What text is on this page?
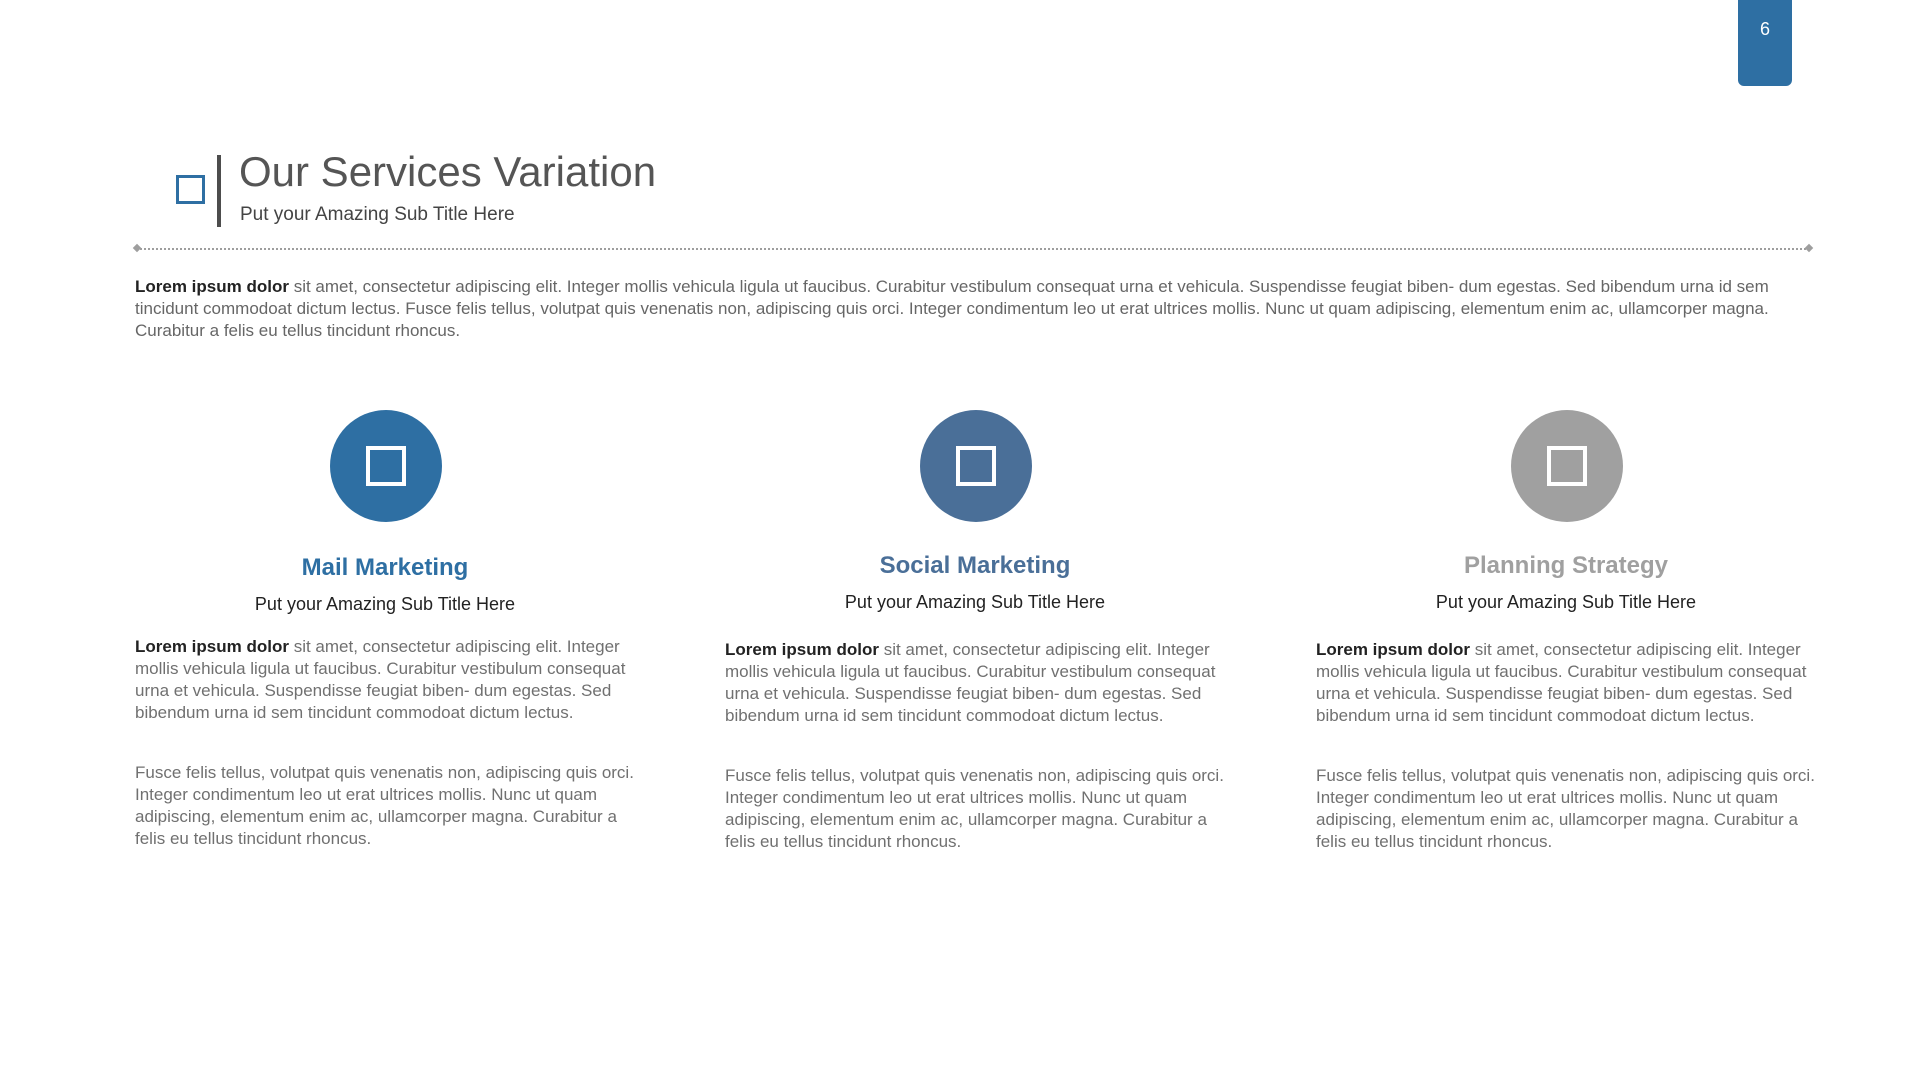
6
Our Services Variation
Put your Amazing Sub Title Here

Lorem ipsum dolor sit amet, consectetur adipiscing elit. Integer mollis vehicula ligula ut faucibus. Curabitur vestibulum consequat urna et vehicula. Suspendisse feugiat biben- dum egestas. Sed bibendum urna id sem tincidunt commodoat dictum lectus. Fusce felis tellus, volutpat quis venenatis non, adipiscing quis orci. Integer condimentum leo ut erat ultrices mollis. Nunc ut quam adipiscing, elementum enim ac, ullamcorper magna. Curabitur a felis eu tellus tincidunt rhoncus.

Mail Marketing
Put your Amazing Sub Title Here

Lorem ipsum dolor sit amet, consectetur adipiscing elit. Integer mollis vehicula ligula ut faucibus. Curabitur vestibulum consequat urna et vehicula. Suspendisse feugiat biben- dum egestas. Sed bibendum urna id sem tincidunt commodoat dictum lectus.

Fusce felis tellus, volutpat quis venenatis non, adipiscing quis orci. Integer condimentum leo ut erat ultrices mollis. Nunc ut quam adipiscing, elementum enim ac, ullamcorper magna. Curabitur a felis eu tellus tincidunt rhoncus.

Social Marketing
Put your Amazing Sub Title Here

Lorem ipsum dolor sit amet, consectetur adipiscing elit. Integer mollis vehicula ligula ut faucibus. Curabitur vestibulum consequat urna et vehicula. Suspendisse feugiat biben- dum egestas. Sed bibendum urna id sem tincidunt commodoat dictum lectus.

Fusce felis tellus, volutpat quis venenatis non, adipiscing quis orci. Integer condimentum leo ut erat ultrices mollis. Nunc ut quam adipiscing, elementum enim ac, ullamcorper magna. Curabitur a felis eu tellus tincidunt rhoncus.

Planning Strategy
Put your Amazing Sub Title Here

Lorem ipsum dolor sit amet, consectetur adipiscing elit. Integer mollis vehicula ligula ut faucibus. Curabitur vestibulum consequat urna et vehicula. Suspendisse feugiat biben- dum egestas. Sed bibendum urna id sem tincidunt commodoat dictum lectus.

Fusce felis tellus, volutpat quis venenatis non, adipiscing quis orci. Integer condimentum leo ut erat ultrices mollis. Nunc ut quam adipiscing, elementum enim ac, ullamcorper magna. Curabitur a felis eu tellus tincidunt rhoncus.
